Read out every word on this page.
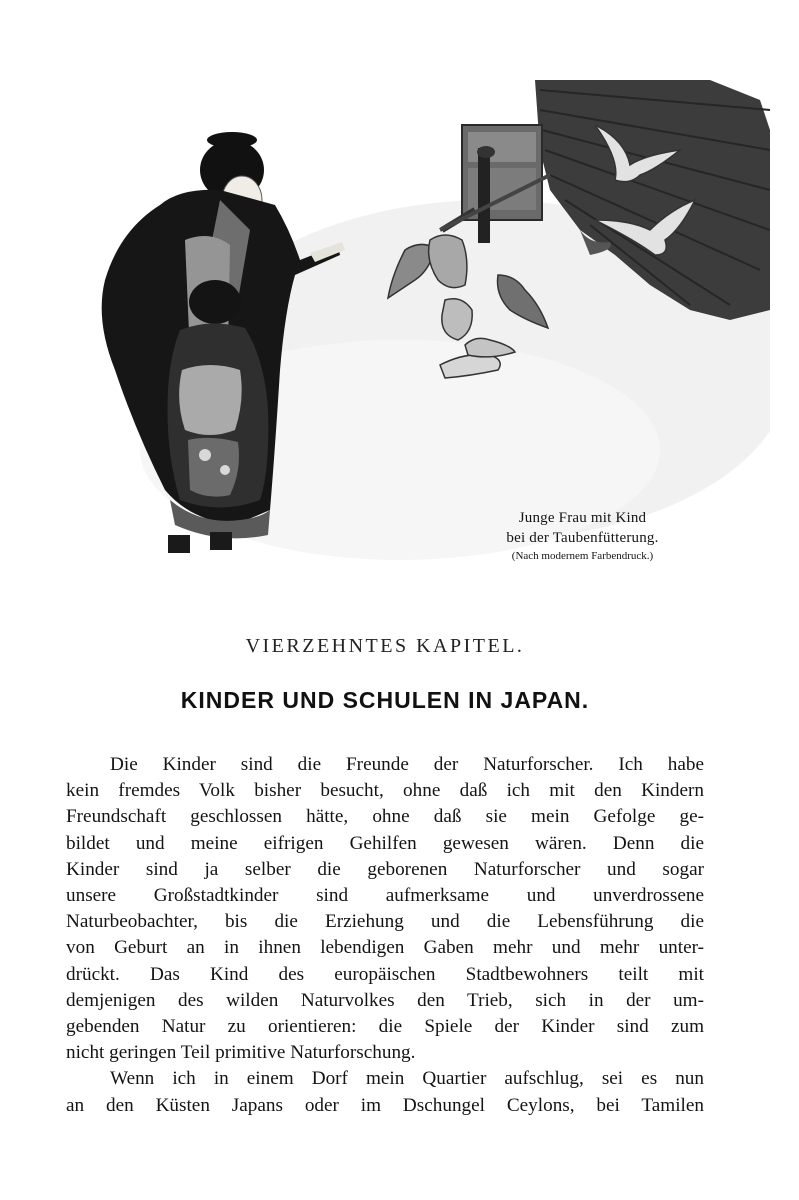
Junge Frau mit Kind
bei der Taubenfütterung.
(Nach modernem Farbendruck.)
VIERZEHNTES KAPITEL.
KINDER UND SCHULEN IN JAPAN.

Die Kinder sind die Freunde der Naturforscher. Ich habe
kein fremdes Volk bisher besucht, ohne daß ich mit den Kindern
Freundschaft geschlossen hätte, ohne daß sie mein Gefolge ge-
bildet und meine eifrigen Gehilfen gewesen wären. Denn die
Kinder sind ja selber die geborenen Naturforscher und sogar
unsere Großstadtkinder sind aufmerksame und unverdrossene
Naturbeobachter, bis die Erziehung und die Lebensführung die
von Geburt an in ihnen lebendigen Gaben mehr und mehr unter-
drückt. Das Kind des europäischen Stadtbewohners teilt mit
demjenigen des wilden Naturvolkes den Trieb, sich in der um-
gebenden Natur zu orientieren: die Spiele der Kinder sind zum
nicht geringen Teil primitive Naturforschung.

Wenn ich in einem Dorf mein Quartier aufschlug, sei es nun
an den Küsten Japans oder im Dschungel Ceylons, bei Tamilen
